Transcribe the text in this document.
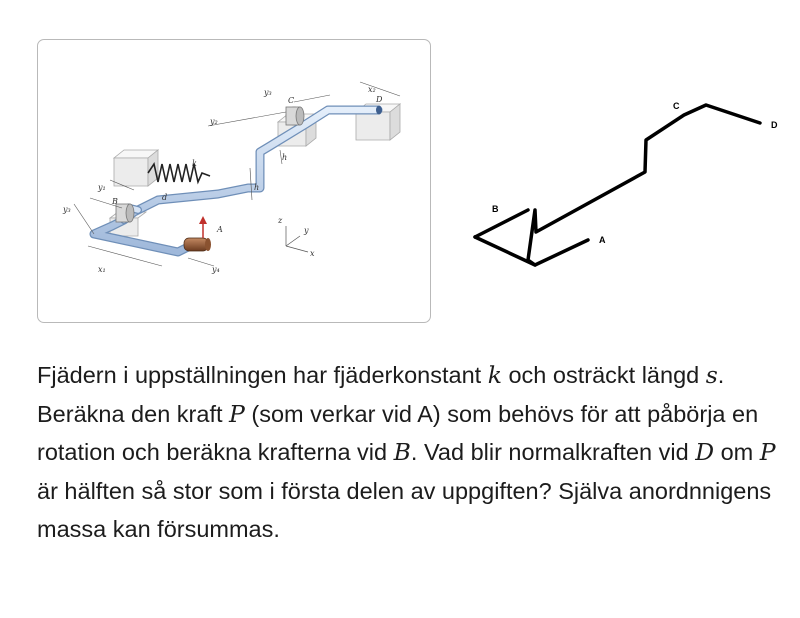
y₃
C
x₂
D
y₂
h
k
h
y₁
y₃
B	d
A
x₁	y₄
z
y
x
C
D
B
A

Fjädern i uppställningen har fjäderkonstant k och osträckt längd s. Beräkna den kraft P (som verkar vid A) som behövs för att påbörja en rotation och beräkna krafterna vid B. Vad blir normalkraften vid D om P är hälften så stor som i första delen av uppgiften? Själva anordnnigens massa kan försummas.
